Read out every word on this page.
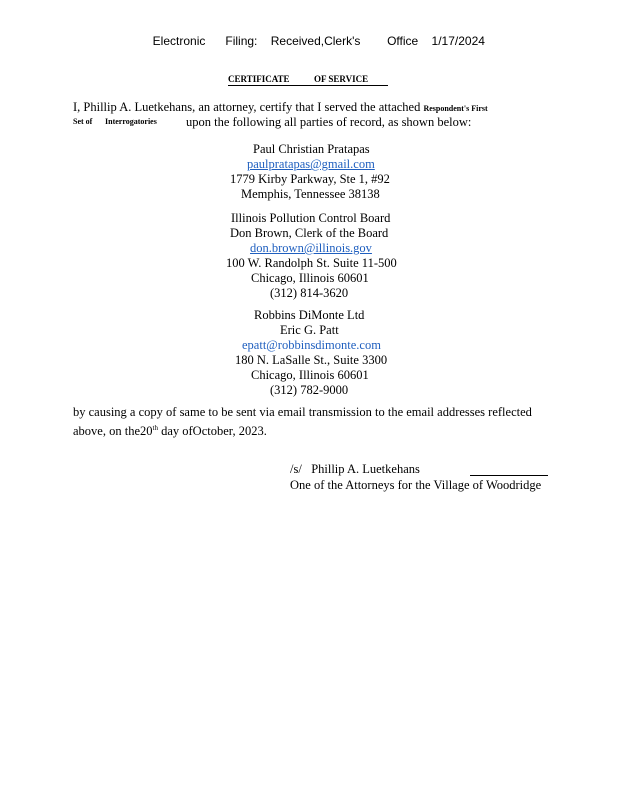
Electronic Filing: Received,Clerk's Office 1/17/2024

CERTIFICATE	OF SERVICE
I, Phillip A. Luetkehans, an attorney, certify that I served the attached Respondent's First
Set of Interrogatories upon the following all parties of record, as shown below:
Paul Christian Pratapas
paulpratapas@gmail.com
1779 Kirby Parkway, Ste 1, #92
Memphis, Tennessee 38138
Illinois Pollution Control Board
Don Brown, Clerk of the Board
don.brown@illinois.gov
100 W. Randolph St. Suite 11-500
Chicago, Illinois 60601
(312) 814-3620
Robbins DiMonte Ltd
Eric G. Patt
epatt@robbinsdimonte.com
180 N. LaSalle St., Suite 3300
Chicago, Illinois 60601
(312) 782-9000
by causing a copy of same to be sent via email transmission to the email addresses reflected
above, on the20th day ofOctober, 2023.
/s/ Phillip A. Luetkehans
One of the Attorneys for the Village of Woodridge
